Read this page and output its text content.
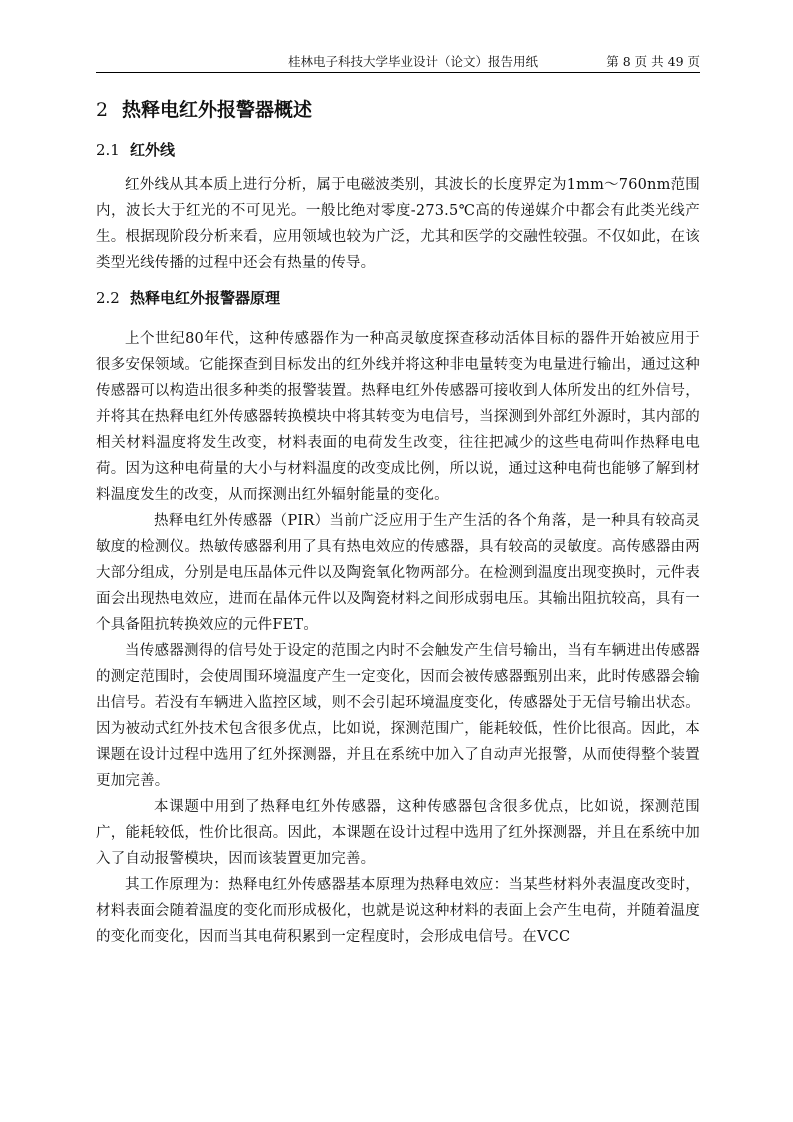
桂林电子科技大学毕业设计（论文）报告用纸	第 8 页 共 49 页
2 热释电红外报警器概述
2.1 红外线

红外线从其本质上进行分析，属于电磁波类别，其波长的长度界定为1mm～760nm范围内，波长大于红光的不可见光。一般比绝对零度-273.5℃高的传递媒介中都会有此类光线产生。根据现阶段分析来看，应用领域也较为广泛，尤其和医学的交融性较强。不仅如此，在该类型光线传播的过程中还会有热量的传导。

2.2 热释电红外报警器原理

上个世纪80年代，这种传感器作为一种高灵敏度探查移动活体目标的器件开始被应用于很多安保领域。它能探查到目标发出的红外线并将这种非电量转变为电量进行输出，通过这种传感器可以构造出很多种类的报警装置。热释电红外传感器可接收到人体所发出的红外信号，并将其在热释电红外传感器转换模块中将其转变为电信号，当探测到外部红外源时，其内部的相关材料温度将发生改变，材料表面的电荷发生改变，往往把减少的这些电荷叫作热释电电荷。因为这种电荷量的大小与材料温度的改变成比例，所以说，通过这种电荷也能够了解到材料温度发生的改变，从而探测出红外辐射能量的变化。

热释电红外传感器（PIR）当前广泛应用于生产生活的各个角落，是一种具有较高灵敏度的检测仪。热敏传感器利用了具有热电效应的传感器，具有较高的灵敏度。高传感器由两大部分组成，分别是电压晶体元件以及陶瓷氧化物两部分。在检测到温度出现变换时，元件表面会出现热电效应，进而在晶体元件以及陶瓷材料之间形成弱电压。其输出阻抗较高，具有一个具备阻抗转换效应的元件FET。

当传感器测得的信号处于设定的范围之内时不会触发产生信号输出，当有车辆进出传感器的测定范围时，会使周围环境温度产生一定变化，因而会被传感器甄别出来，此时传感器会输出信号。若没有车辆进入监控区域，则不会引起环境温度变化，传感器处于无信号输出状态。因为被动式红外技术包含很多优点，比如说，探测范围广，能耗较低，性价比很高。因此，本课题在设计过程中选用了红外探测器，并且在系统中加入了自动声光报警，从而使得整个装置更加完善。

本课题中用到了热释电红外传感器，这种传感器包含很多优点，比如说，探测范围广，能耗较低，性价比很高。因此，本课题在设计过程中选用了红外探测器，并且在系统中加入了自动报警模块，因而该装置更加完善。

其工作原理为：热释电红外传感器基本原理为热释电效应：当某些材料外表温度改变时，材料表面会随着温度的变化而形成极化，也就是说这种材料的表面上会产生电荷，并随着温度的变化而变化，因而当其电荷积累到一定程度时，会形成电信号。在VCC
